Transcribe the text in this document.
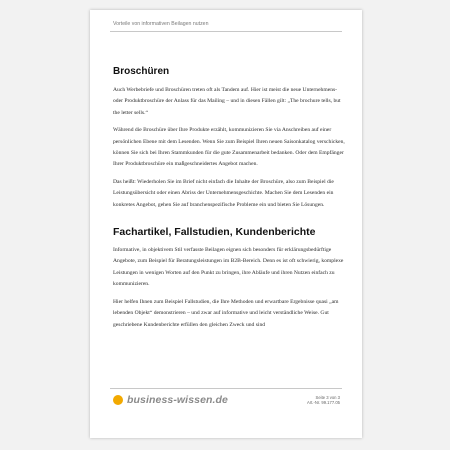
Vorteile von informativen Beilagen nutzen
Broschüren

Auch Werbebriefe und Broschüren treten oft als Tandem auf. Hier ist meist die neue Unternehmens- oder Produktbroschüre der Anlass für das Mailing – und in diesen Fällen gilt: „The brochure tells, but the letter sells.“

Während die Broschüre über Ihre Produkte erzählt, kommunizieren Sie via Anschreiben auf einer persönlichen Ebene mit dem Lesenden. Wenn Sie zum Beispiel Ihren neuen Saisonkatalog verschicken, können Sie sich bei Ihren Stammkunden für die gute Zusammenarbeit bedanken. Oder dem Empfänger Ihrer Produktbroschüre ein maßgeschneidertes Angebot machen.

Das heißt: Wiederholen Sie im Brief nicht einfach die Inhalte der Broschüre, also zum Beispiel die Leistungsübersicht oder einen Abriss der Unternehmensgeschichte. Machen Sie dem Lesenden ein konkretes Angebot, gehen Sie auf branchenspezifische Probleme ein und bieten Sie Lösungen.

Fachartikel, Fallstudien, Kundenberichte

Informative, in objektivem Stil verfasste Beilagen eignen sich besonders für erklärungsbedürftige Angebote, zum Beispiel für Beratungsleistungen im B2B-Bereich. Denn es ist oft schwierig, komplexe Leistungen in wenigen Worten auf den Punkt zu bringen, ihre Abläufe und ihren Nutzen einfach zu kommunizieren.

Hier helfen Ihnen zum Beispiel Fallstudien, die Ihre Methoden und erwartbare Ergebnisse quasi „am lebenden Objekt“ demonstrieren – und zwar auf informative und leicht verständliche Weise. Gut geschriebene Kundenberichte erfüllen den gleichen Zweck und sind

business-wissen.de	Seite 3 von 3
Art.-Nr. 99.177.05
